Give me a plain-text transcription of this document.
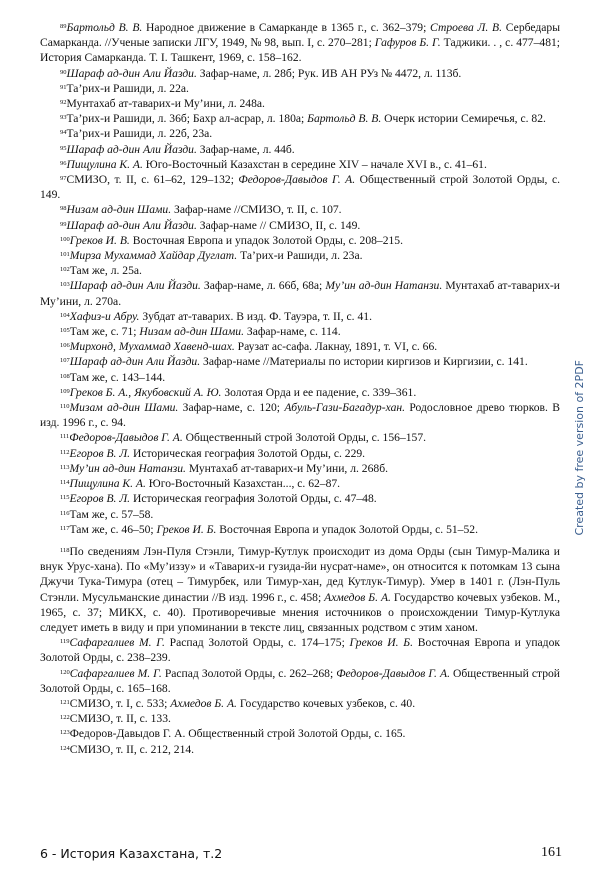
$^{89}$Бартольд В. В. Народное движение в Самарканде в 1365 г., с. 362–379; Строева Л. В. Сербедары Самарканда. //Ученые записки ЛГУ, 1949, № 98, вып. I, с. 270–281; Гафуров Б. Г. Таджики. . , с. 477–481; История Самарканда. Т. I. Ташкент, 1969, с. 158–162.

$^{90}$Шараф ад-дин Али Йазди. Зафар-наме, л. 28б; Рук. ИВ АН РУз № 4472, л. 113б.

$^{91}$Та’рих-и Рашиди, л. 22а.

$^{92}$Мунтахаб ат-таварих-и Му’ини, л. 248а.

$^{93}$Та’рих-и Рашиди, л. 36б; Бахр ал-асрар, л. 180а; Бартольд В. В. Очерк истории Семиречья, с. 82.

$^{94}$Та’рих-и Рашиди, л. 22б, 23а.

$^{95}$Шараф ад-дин Али Йазди. Зафар-наме, л. 44б.

$^{96}$Пищулина К. А. Юго-Восточный Казахстан в середине XIV – начале XVI в., с. 41–61.

$^{97}$СМИЗО, т. II, с. 61–62, 129–132; Федоров-Давыдов Г. А. Общественный строй Золотой Орды, с. 149.

$^{98}$Низам ад-дин Шами. Зафар-наме //СМИЗО, т. II, с. 107.

$^{99}$Шараф ад-дин Али Йазди. Зафар-наме // СМИЗО, II, с. 149.

$^{100}$Греков И. В. Восточная Европа и упадок Золотой Орды, с. 208–215.

$^{101}$Мирза Мухаммад Хайдар Дуглат. Та’рих-и Рашиди, л. 23а.

$^{102}$Там же, л. 25а.

$^{103}$Шараф ад-дин Али Йазди. Зафар-наме, л. 66б, 68а; Му’ин ад-дин Натанзи. Мунтахаб ат-таварих-и Му’ини, л. 270а.

$^{104}$Хафиз-и Абру. Зубдат ат-таварих. В изд. Ф. Тауэра, т. II, с. 41.

$^{105}$Там же, с. 71; Низам ад-дин Шами. Зафар-наме, с. 114.

$^{106}$Мирхонд, Мухаммад Хавенд-шах. Раузат ас-сафа. Лакнау, 1891, т. VI, с. 66.

$^{107}$Шараф ад-дин Али Йазди. Зафар-наме //Материалы по истории киргизов и Киргизии, с. 141.

$^{108}$Там же, с. 143–144.

$^{109}$Греков Б. А., Якубовский А. Ю. Золотая Орда и ее падение, с. 339–361.

$^{110}$Мизам ад-дин Шами. Зафар-наме, с. 120; Абуль-Гази-Багадур-хан. Родословное древо тюрков. В изд. 1996 г., с. 94.

$^{111}$Федоров-Давыдов Г. А. Общественный строй Золотой Орды, с. 156–157.

$^{112}$Егоров В. Л. Историческая география Золотой Орды, с. 229.

$^{113}$Му’ин ад-дин Натанзи. Мунтахаб ат-таварих-и Му’ини, л. 268б.

$^{114}$Пищулина К. А. Юго-Восточный Казахстан..., с. 62–87.

$^{115}$Егоров В. Л. Историческая география Золотой Орды, с. 47–48.

$^{116}$Там же, с. 57–58.

$^{117}$Там же, с. 46–50; Греков И. Б. Восточная Европа и упадок Золотой Орды, с. 51–52.

$^{118}$По сведениям Лэн-Пуля Стэнли, Тимур-Кутлук происходит из дома Орды (сын Тимур-Малика и внук Урус-хана). По «Му’иззу» и «Таварих-и гузида-йи нусрат-наме», он относится к потомкам 13 сына Джучи Тука-Тимура (отец – Тимурбек, или Тимур-хан, дед Кутлук-Тимур). Умер в 1401 г. (Лэн-Пуль Стэнли. Мусульманские династии //В изд. 1996 г., с. 458; Ахмедов Б. А. Государство кочевых узбеков. М., 1965, с. 37; МИКХ, с. 40). Противоречивые мнения источников о происхождении Тимур-Кутлука следует иметь в виду и при упоминании в тексте лиц, связанных родством с этим ханом.

$^{119}$Сафаргалиев М. Г. Распад Золотой Орды, с. 174–175; Греков И. Б. Восточная Европа и упадок Золотой Орды, с. 238–239.

$^{120}$Сафаргалиев М. Г. Распад Золотой Орды, с. 262–268; Федоров-Давыдов Г. А. Общественный строй Золотой Орды, с. 165–168.

$^{121}$СМИЗО, т. I, с. 533; Ахмедов Б. А. Государство кочевых узбеков, с. 40.

$^{122}$СМИЗО, т. II, с. 133.

$^{123}$Федоров-Давыдов Г. А. Общественный строй Золотой Орды, с. 165.

$^{124}$СМИЗО, т. II, с. 212, 214.

6 - История Казахстана, т.2	161
Created by free version of 2PDF
